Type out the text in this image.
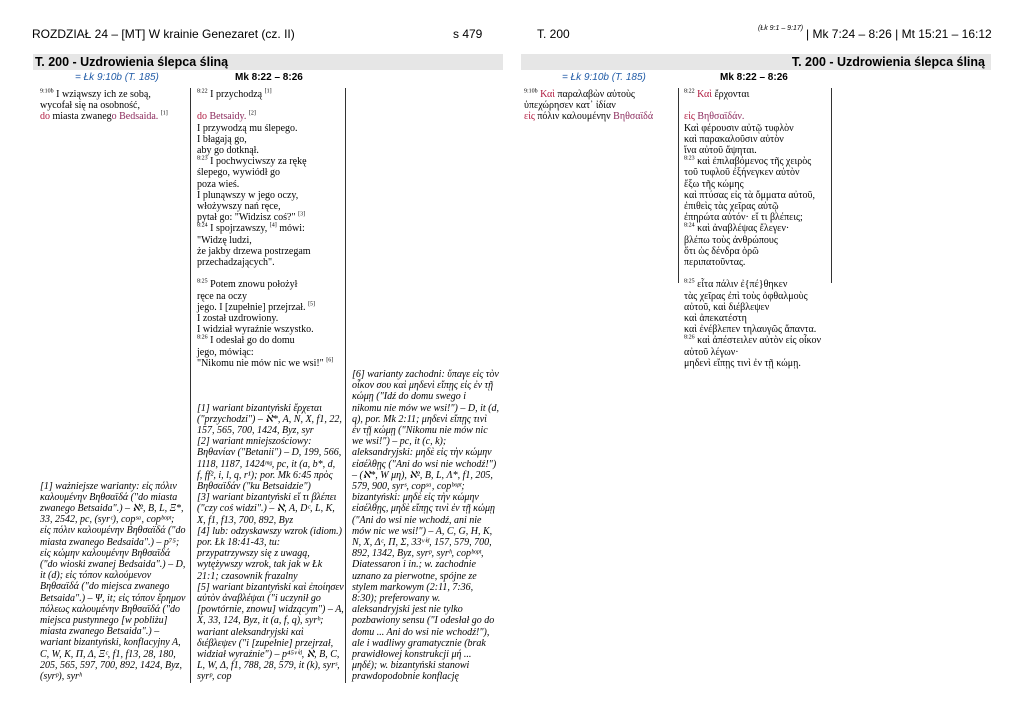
ROZDZIAŁ 24 – [MT] W krainie Genezaret (cz. II)	s 479	T. 200	(Łk 9:1 – 9:17) | Mk 7:24 – 8:26 | Mt 15:21 – 16:12
T. 200 - Uzdrowienia ślepca śliną
= Łk 9:10b (T. 185)	Mk 8:22 – 8:26
T. 200 - Uzdrowienia ślepca śliną
= Łk 9:10b (T. 185)	Mk 8:22 – 8:26
$^{9:10b}$ I wziąwszy ich ze sobą,
wycofał się na osobność,
do miasta zwanego Bedsaida. [1]
[1] ważniejsze warianty: εἰς πόλιν
καλουμένην Βηθσαϊδά ("do miasta
zwanego Betsaida".) – ℵ², B, L, Ξ*,
33, 2542, pc, (syrᶜ), copˢᵃ, copᵇᵒᵖᵗ;
εἰς πόλιν καλουμένην Βηθσαϊδά ("do
miasta zwanego Bedsaida".) – p⁷⁵;
εἰς κώμην καλουμένην Βηθσαϊδά
("do wioski zwanej Bedsaida".) – D,
it (d); εἰς τόπον καλούμενον
Βηθσαϊδά ("do miejsca zwanego
Betsaida".) – Ψ, it; εἰς τόπον ἔρημον
πόλεως καλουμένην Βηθσαϊδά ("do
miejsca pustynnego [w pobliżu]
miasta zwanego Betsaida".) –
wariant bizantyński, konflacyjny A,
C, W, K, Π, Δ, Ξᶜ, f1, f13, 28, 180,
205, 565, 597, 700, 892, 1424, Byz,
(syrᵖ), syrʰ
$^{8:22}$ I przychodzą [1]
do Betsaidy. [2]
I przywodzą mu ślepego.
I błagają go,
aby go dotknął.
$^{8:23}$ I pochwyciwszy za rękę
ślepego, wywiódł go
poza wieś.
I plunąwszy w jego oczy,
włożywszy nań ręce,
pytał go: "Widzisz coś?" [3]
$^{8:24}$ I spojrzawszy, [4] mówi:
"Widzę ludzi,
że jakby drzewa postrzegam
przechadzających".
$^{8:25}$ Potem znowu położył
ręce na oczy
jego. I [zupełnie] przejrzał. [5]
I został uzdrowiony.
I widział wyraźnie wszystko.
$^{8:26}$ I odesłał go do domu
jego, mówiąc:
"Nikomu nie mów nic we wsi!" [6]
[1] wariant bizantyński ἔρχεται
("przychodzi") – ℵ*, A, N, X, f1, 22,
157, 565, 700, 1424, Byz, syr
[2] wariant mniejszościowy:
Βηθανίαν ("Betanii") – D, 199, 566,
1118, 1187, 1424ᵐᵍ, pc, it (a, b*, d,
f, ff², i, l, q, r¹); por. Mk 6:45 πρὸς
Βηθσαϊδάν ("ku Betsaidzie")
[3] wariant bizantyński εἴ τι βλέπει
("czy coś widzi".) – ℵ, A, Dᶜ, L, K,
X, f1, f13, 700, 892, Byz
[4] lub: odzyskawszy wzrok (idiom.)
por. Łk 18:41-43, tu:
przypatrzywszy się z uwagą,
wytężywszy wzrok, tak jak w Łk
21:1; czasownik frazalny
[5] wariant bizantyński καὶ ἐποίησεν
αὐτὸν ἀναβλέψαι ("i uczynił go
[powtórnie, znowu] widzącym") – A,
X, 33, 124, Byz, it (a, f, q), syrʰ;
wariant aleksandryjski καὶ
διέβλεψεν ("i [zupełnie] przejrzał,
widział wyraźnie") – p⁴⁵ᵛⁱᵈ, ℵ, B, C,
L, W, Δ, f1, 788, 28, 579, it (k), syrˢ,
syrᵖ, cop
[6] warianty zachodni: ὕπαγε εἰς τὸν
οἶκον σου καὶ μηδενὶ εἴπῃς εἰς ἐν τῇ
κώμῃ ("Idź do domu swego i
nikomu nie mów we wsi!") – D, it (d,
q), por. Mk 2:11; μηδενὶ εἴπῃς τινὶ
ἐν τῇ κώμῃ ("Nikomu nie mów nic
we wsi!") – pc, it (c, k);
aleksandryjski: μηδὲ εἰς τὴν κώμην
εἰσέλθῃς ("Ani do wsi nie wchodź!")
– (ℵ*, W μη), ℵ², B, L, Λ*, f1, 205,
579, 900, syrˢ, copˢᵃ, copᵇᵒᵖᵗ;
bizantyński: μηδὲ εἰς τὴν κώμην
εἰσέλθῃς, μηδὲ εἴπῃς τινὶ ἐν τῇ κώμῃ
("Ani do wsi nie wchodź, ani nie
mów nic we wsi!") – A, C, G, H, K,
N, X, Δᶜ, Π, Σ, 33ᵛⁱᵈ, 157, 579, 700,
892, 1342, Byz, syrᵖ, syrʰ, copᵇᵒᵖᵗ,
Diatessaron i in.; w. zachodnie
uznano za pierwotne, spójne ze
stylem markowym (2:11, 7:36,
8:30); preferowany w.
aleksandryjski jest nie tylko
pozbawiony sensu ("I odesłał go do
domu ... Ani do wsi nie wchodź!"),
ale i wadliwy gramatycznie (brak
prawidłowej konstrukcji μή ...
μηδέ); w. bizantyński stanowi
prawdopodobnie konflację
$^{9:10b}$ Καὶ παραλαβὼν αὐτοὺς
ὑπεχώρησεν κατ᾽ ἰδίαν
εἰς πόλιν καλουμένην Βηθσαϊδά
$^{8:22}$ Καὶ ἔρχονται
εἰς Βηθσαϊδάν.
Καὶ φέρουσιν αὐτῷ τυφλὸν
καὶ παρακαλοῦσιν αὐτὸν
ἵνα αὐτοῦ ἅψηται.
$^{8:23}$ καὶ ἐπιλαβόμενος τῆς χειρὸς
τοῦ τυφλοῦ ἐξήνεγκεν αὐτὸν
ἔξω τῆς κώμης
καὶ πτύσας εἰς τὰ ὄμματα αὐτοῦ,
ἐπιθεὶς τὰς χεῖρας αὐτῷ
ἐπηρώτα αὐτόν· εἴ τι βλέπεις;
$^{8:24}$ καὶ ἀναβλέψας ἔλεγεν·
βλέπω τοὺς ἀνθρώπους
ὅτι ὡς δένδρα ὁρῶ
περιπατοῦντας.
$^{8:25}$ εἶτα πάλιν ἐ{πέ}θηκεν
τὰς χεῖρας ἐπὶ τοὺς ὀφθαλμοὺς
αὐτοῦ, καὶ διέβλεψεν
καὶ ἀπεκατέστη
καὶ ἐνέβλεπεν τηλαυγῶς ἅπαντα.
$^{8:26}$ καὶ ἀπέστειλεν αὐτὸν εἰς οἶκον
αὐτοῦ λέγων·
μηδενὶ εἴπῃς τινὶ ἐν τῇ κώμῃ.
